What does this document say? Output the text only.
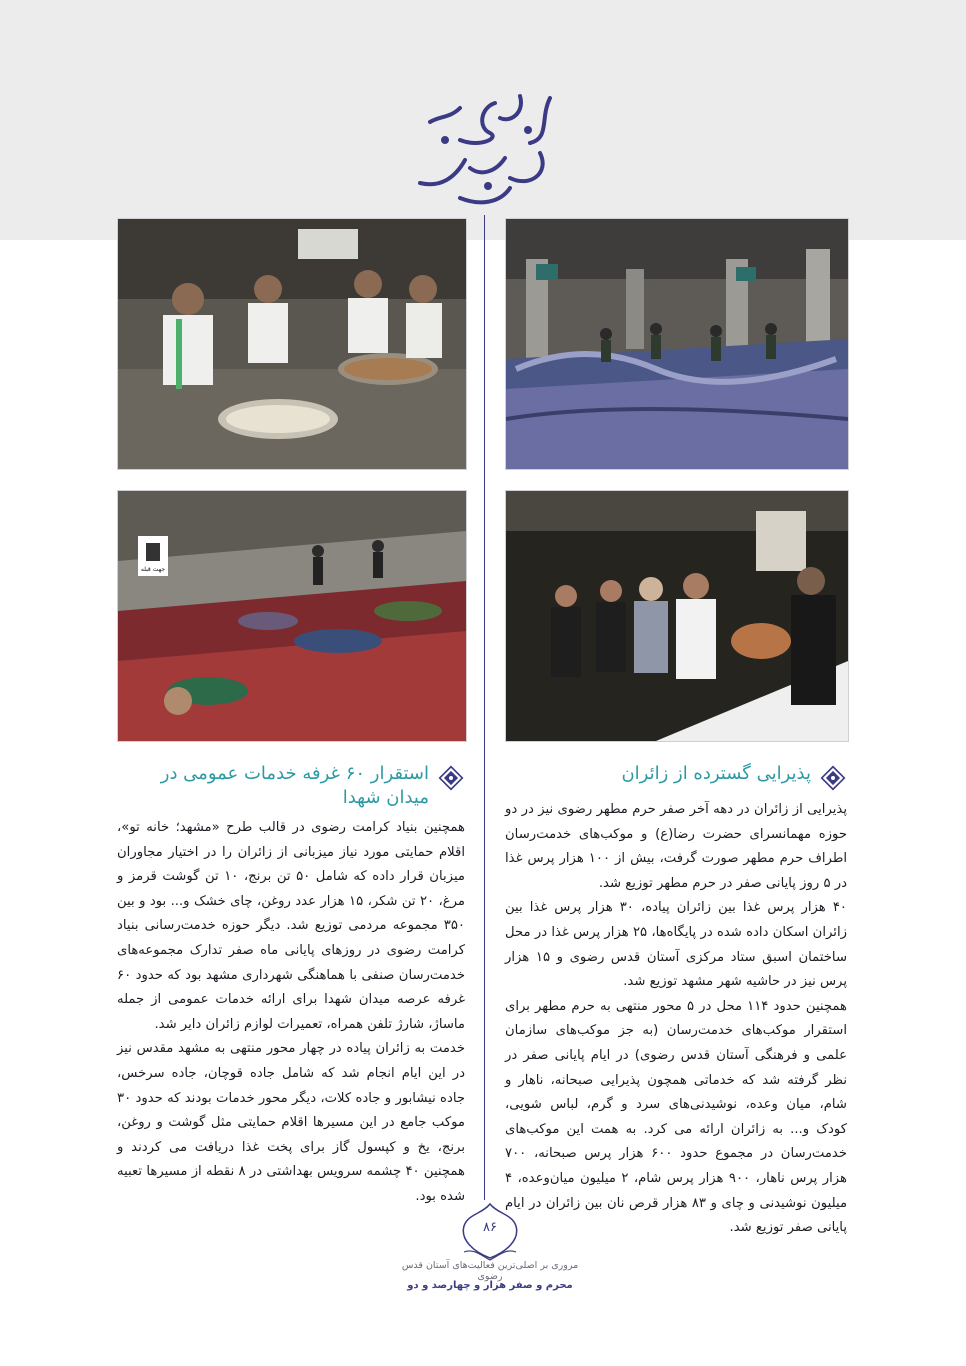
متن خادم رواق
جهت قبله
پذیرایی گسترده از زائران

پذیرایی از زائران در دهه آخر صفر حرم مطهر رضوی نیز در دو حوزه مهمانسرای حضرت رضا(ع) و موکب‌های خدمت‌رسان اطراف حرم مطهر صورت گرفت، بیش از ۱۰۰ هزار پرس غذا در ۵ روز پایانی صفر در حرم مطهر توزیع شد.

۴۰ هزار پرس غذا بین زائران پیاده، ۳۰ هزار پرس غذا بین زائران اسکان داده شده در پایگاه‌ها، ۲۵ هزار پرس غذا در محل ساختمان اسبق ستاد مرکزی آستان قدس رضوی و ۱۵ هزار پرس نیز در حاشیه شهر مشهد توزیع شد.

همچنین حدود ۱۱۴ محل در ۵ محور منتهی به حرم مطهر برای استقرار موکب‌های خدمت‌رسان (به جز موکب‌های سازمان علمی و فرهنگی آستان قدس رضوی) در ایام پایانی صفر در نظر گرفته شد که خدماتی همچون پذیرایی صبحانه، ناهار و شام، میان وعده، نوشیدنی‌های سرد و گرم، لباس شویی، کودک و... به زائران ارائه می کرد. به همت این موکب‌های خدمت‌رسان در مجموع حدود ۶۰۰ هزار پرس صبحانه، ۷۰۰ هزار پرس ناهار، ۹۰۰ هزار پرس شام، ۲ میلیون میان‌وعده، ۴ میلیون نوشیدنی و چای و ۸۳ هزار قرص نان بین زائران در ایام پایانی صفر توزیع شد.

استقرار ۶۰ غرفه خدمات عمومی در میدان شهدا

همچنین بنیاد کرامت رضوی در قالب طرح «مشهد؛ خانه تو»، اقلام حمایتی مورد نیاز میزبانی از زائران را در اختیار مجاوران میزبان قرار داده که شامل ۵۰ تن برنج، ۱۰ تن گوشت قرمز و مرغ، ۲۰ تن شکر، ۱۵ هزار عدد روغن، چای خشک و... بود و بین ۳۵۰ مجموعه مردمی توزیع شد. دیگر حوزه خدمت‌رسانی بنیاد کرامت رضوی در روزهای پایانی ماه صفر تدارک مجموعه‌های خدمت‌رسان صنفی با هماهنگی شهرداری مشهد بود که حدود ۶۰ غرفه عرصه میدان شهدا برای ارائه خدمات عمومی از جمله ماساژ، شارژ تلفن همراه، تعمیرات لوازم زائران دایر شد.

خدمت به زائران پیاده در چهار محور منتهی به مشهد مقدس نیز در این ایام انجام شد که شامل جاده قوچان، جاده سرخس، جاده نیشابور و جاده کلات، دیگر محور خدمات بودند که حدود ۳۰ موکب جامع در این مسیرها اقلام حمایتی مثل گوشت و روغن، برنج، یخ و کپسول گاز برای پخت غذا دریافت می کردند و همچنین ۴۰ چشمه سرویس بهداشتی در ۸ نقطه از مسیرها تعبیه شده بود.

۸۶
مروری بر اصلی‌ترین فعالیت‌های آستان قدس رضوی
محرم و صفر هزار و چهارصد و دو
